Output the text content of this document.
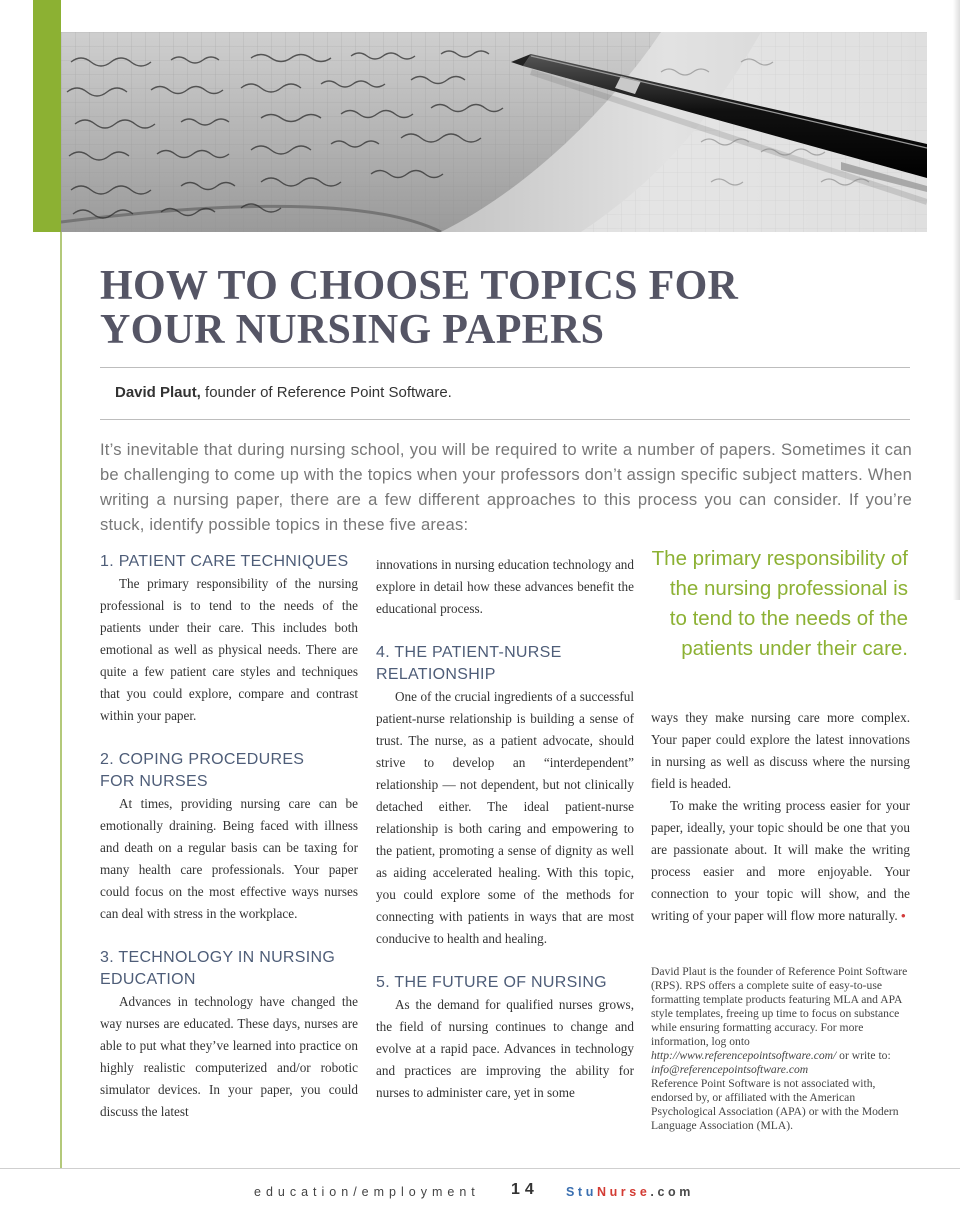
HOW TO CHOOSE TOPICS FOR
YOUR NURSING PAPERS
David Plaut, founder of Reference Point Software.

It’s inevitable that during nursing school, you will be required to write a number of papers. Sometimes it can be challenging to come up with the topics when your professors don’t assign specific subject matters. When writing a nursing paper, there are a few different approaches to this process you can consider. If you’re stuck, identify possible topics in these five areas:

1. PATIENT CARE TECHNIQUES

The primary responsibility of the nursing professional is to tend to the needs of the patients under their care. This includes both emotional as well as physical needs. There are quite a few patient care styles and techniques that you could explore, compare and contrast within your paper.

2. COPING PROCEDURES
FOR NURSES

At times, providing nursing care can be emotionally draining. Being faced with illness and death on a regular basis can be taxing for many health care professionals. Your paper could focus on the most effective ways nurses can deal with stress in the workplace.

3. TECHNOLOGY IN NURSING
EDUCATION

Advances in technology have changed the way nurses are educated. These days, nurses are able to put what they’ve learned into practice on highly realistic computerized and/or robotic simulator devices. In your paper, you could discuss the latest

innovations in nursing education technology and explore in detail how these advances benefit the educational process.

4. THE PATIENT-NURSE
RELATIONSHIP

One of the crucial ingredients of a successful patient-nurse relationship is building a sense of trust. The nurse, as a patient advocate, should strive to develop an “interdependent” relationship — not dependent, but not clinically detached either. The ideal patient-nurse relationship is both caring and empowering to the patient, promoting a sense of dignity as well as aiding accelerated healing. With this topic, you could explore some of the methods for connecting with patients in ways that are most conducive to health and healing.

5. THE FUTURE OF NURSING

As the demand for qualified nurses grows, the field of nursing continues to change and evolve at a rapid pace. Advances in technology and practices are improving the ability for nurses to administer care, yet in some

The primary responsibility of the nursing professional is to tend to the needs of the patients under their care.

ways they make nursing care more complex. Your paper could explore the latest innovations in nursing as well as discuss where the nursing field is headed.

To make the writing process easier for your paper, ideally, your topic should be one that you are passionate about. It will make the writing process easier and more enjoyable. Your connection to your topic will show, and the writing of your paper will flow more naturally. •

David Plaut is the founder of Reference Point Software (RPS). RPS offers a complete suite of easy-to-use formatting template products featuring MLA and APA style templates, freeing up time to focus on substance while ensuring formatting accuracy. For more information, log onto http://www.referencepointsoftware.com/ or write to: info@referencepointsoftware.com

Reference Point Software is not associated with, endorsed by, or affiliated with the American Psychological Association (APA) or with the Modern Language Association (MLA).

education/employment 14 StuNurse.com
